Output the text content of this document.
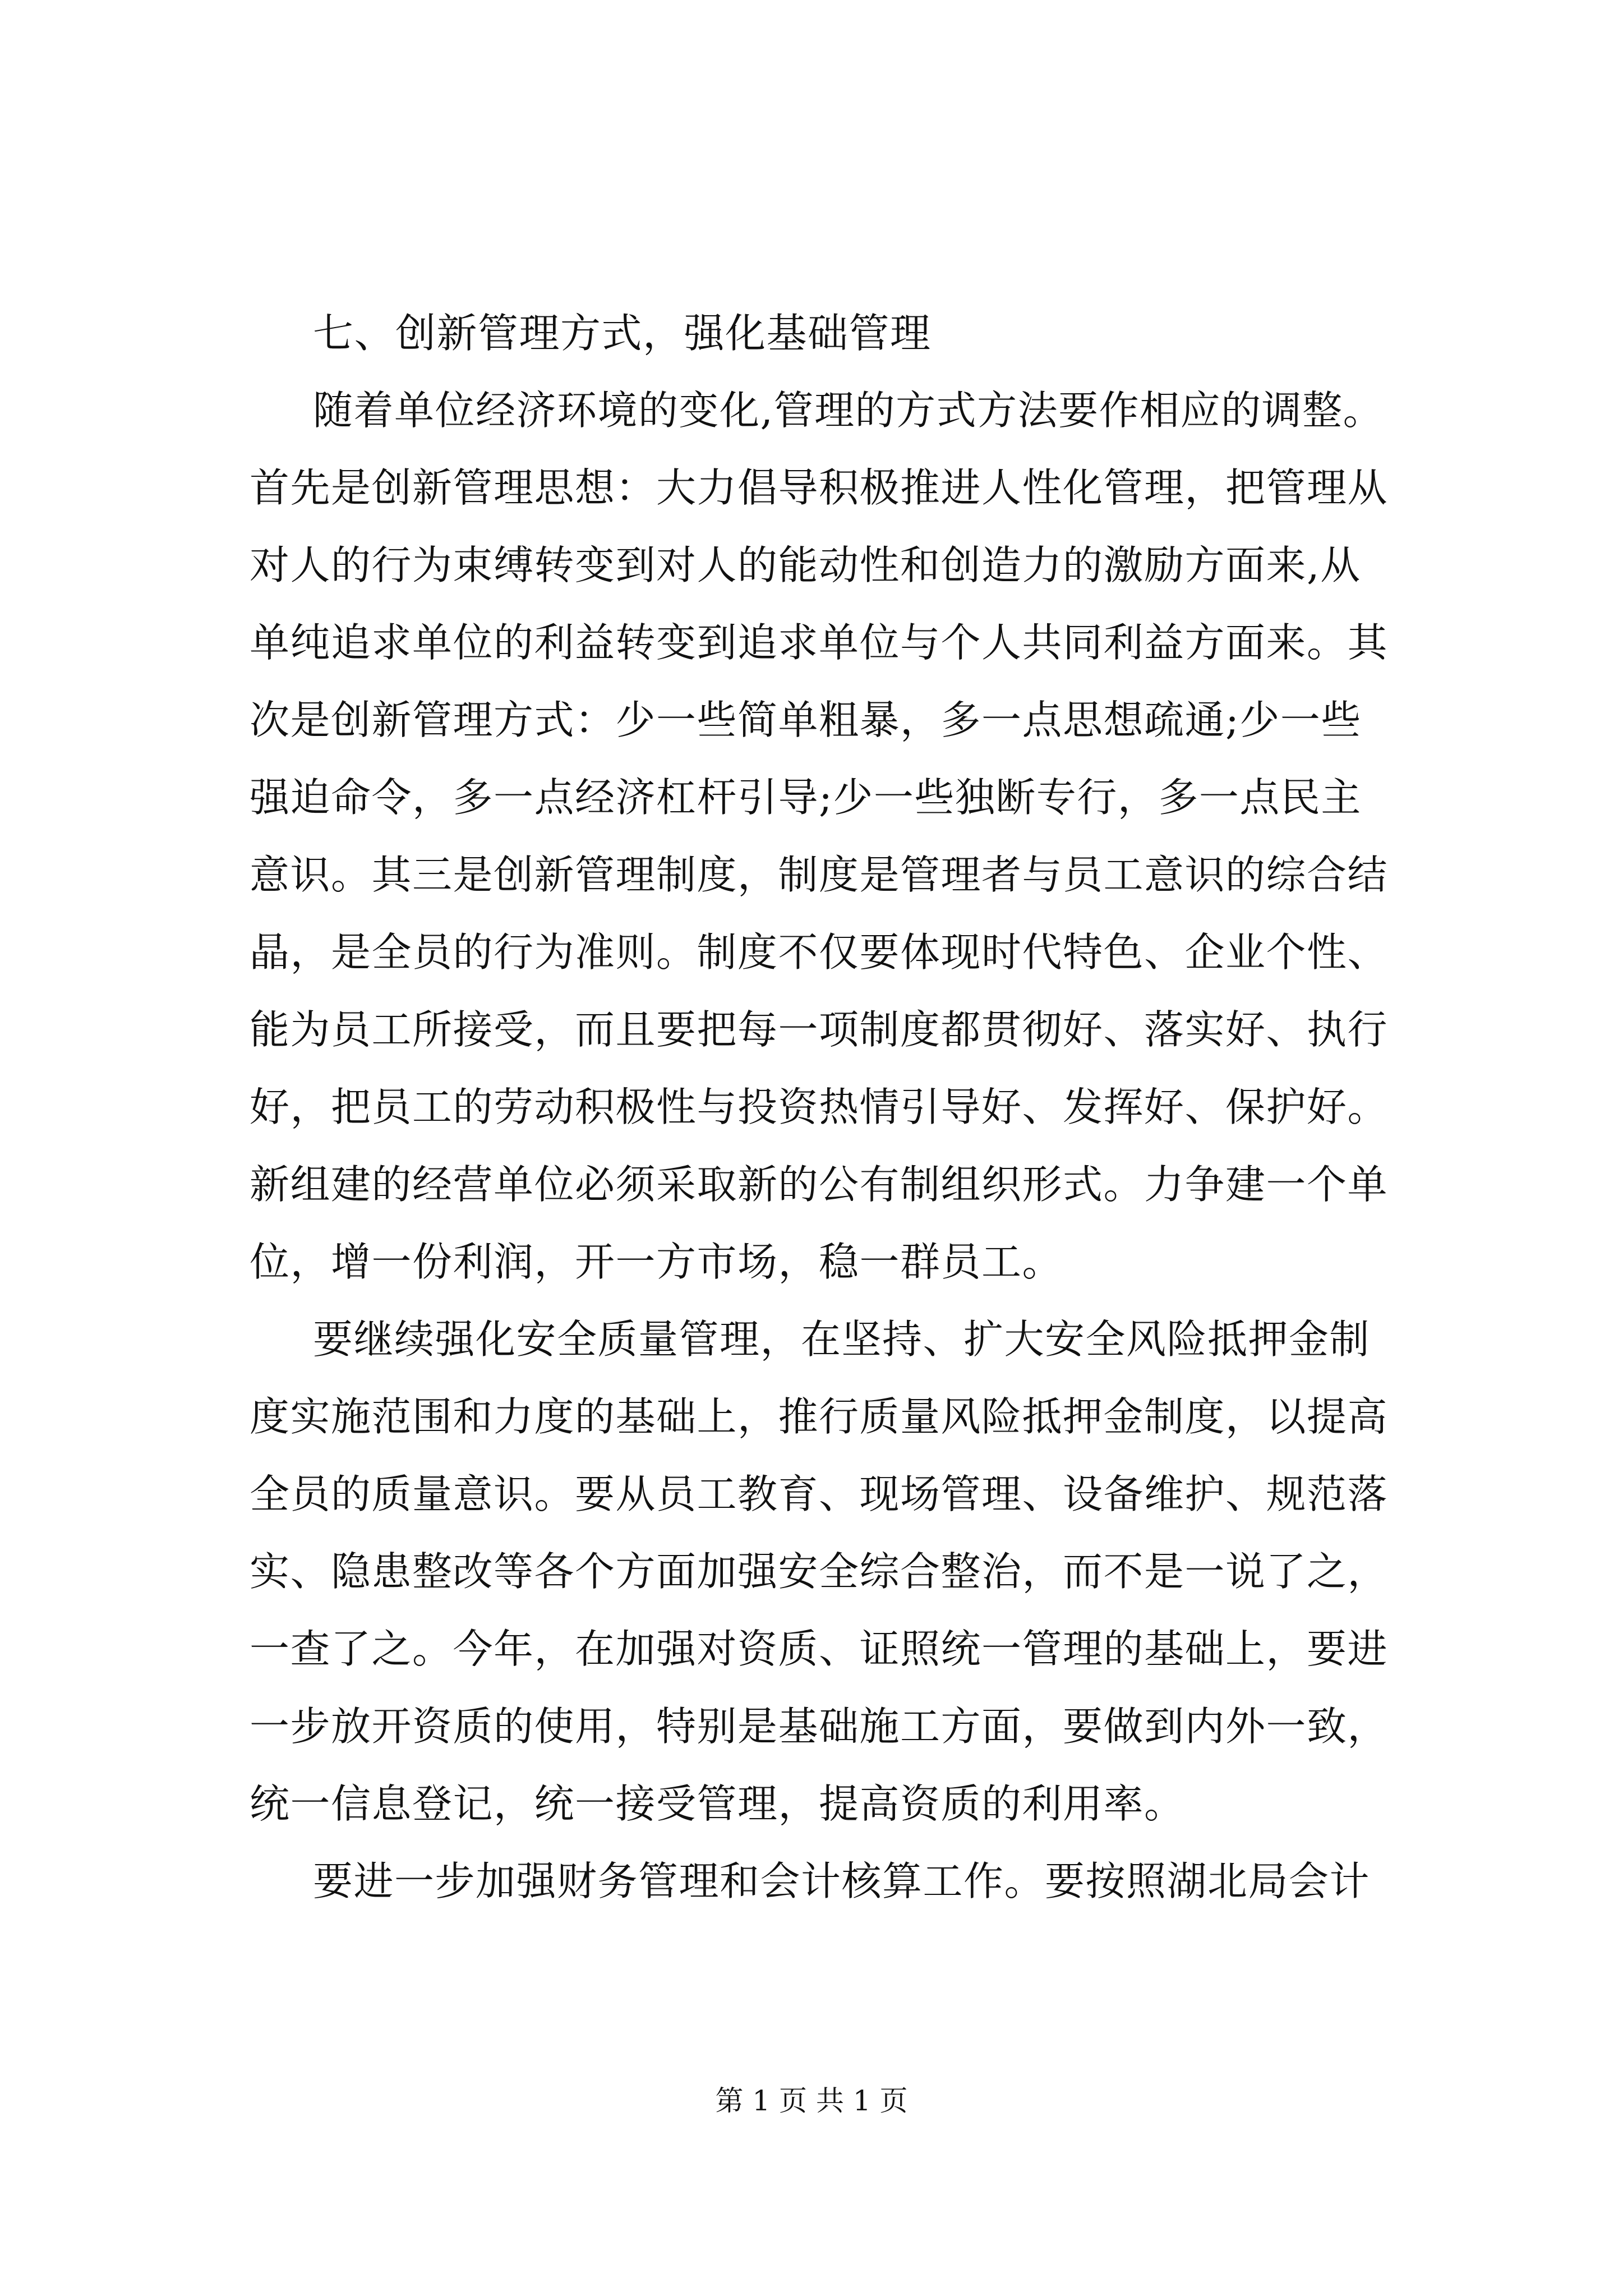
七、创新管理方式，强化基础管理
随着单位经济环境的变化,管理的方式方法要作相应的调整。
首先是创新管理思想：大力倡导积极推进人性化管理，把管理从
对人的行为束缚转变到对人的能动性和创造力的激励方面来,从
单纯追求单位的利益转变到追求单位与个人共同利益方面来。其
次是创新管理方式：少一些简单粗暴，多一点思想疏通;少一些
强迫命令，多一点经济杠杆引导;少一些独断专行，多一点民主
意识。其三是创新管理制度，制度是管理者与员工意识的综合结
晶，是全员的行为准则。制度不仅要体现时代特色、企业个性、
能为员工所接受，而且要把每一项制度都贯彻好、落实好、执行
好，把员工的劳动积极性与投资热情引导好、发挥好、保护好。
新组建的经营单位必须采取新的公有制组织形式。力争建一个单
位，增一份利润，开一方市场，稳一群员工。
要继续强化安全质量管理，在坚持、扩大安全风险抵押金制
度实施范围和力度的基础上，推行质量风险抵押金制度，以提高
全员的质量意识。要从员工教育、现场管理、设备维护、规范落
实、隐患整改等各个方面加强安全综合整治，而不是一说了之，
一查了之。今年，在加强对资质、证照统一管理的基础上，要进
一步放开资质的使用，特别是基础施工方面，要做到内外一致，
统一信息登记，统一接受管理，提高资质的利用率。
要进一步加强财务管理和会计核算工作。要按照湖北局会计
第 1 页 共 1 页
